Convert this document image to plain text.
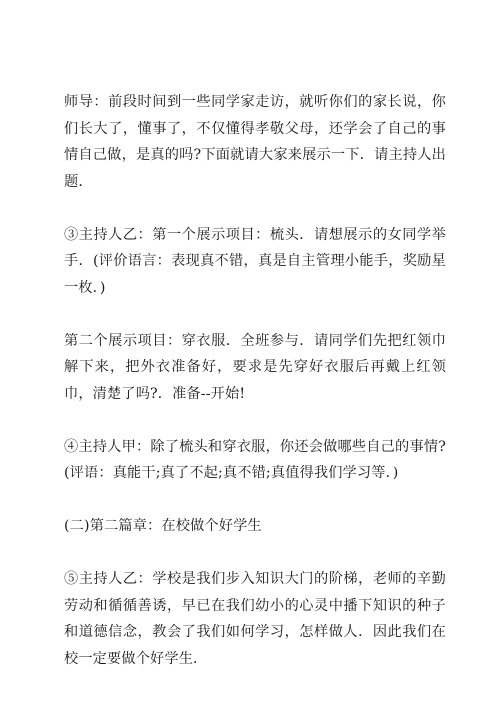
师导：前段时间到一些同学家走访，就听你们的家长说，你们长大了，懂事了，不仅懂得孝敬父母，还学会了自己的事情自己做，是真的吗?下面就请大家来展示一下．请主持人出题．

③主持人乙：第一个展示项目：梳头．请想展示的女同学举手．(评价语言：表现真不错，真是自主管理小能手，奖励星一枚．)

第二个展示项目：穿衣服．全班参与．请同学们先把红领巾解下来，把外衣准备好，要求是先穿好衣服后再戴上红领巾，清楚了吗?．准备--开始!

④主持人甲：除了梳头和穿衣服，你还会做哪些自己的事情?(评语：真能干;真了不起;真不错;真值得我们学习等．)

(二)第二篇章：在校做个好学生

⑤主持人乙：学校是我们步入知识大门的阶梯，老师的辛勤劳动和循循善诱，早已在我们幼小的心灵中播下知识的种子和道德信念，教会了我们如何学习，怎样做人．因此我们在校一定要做个好学生．
